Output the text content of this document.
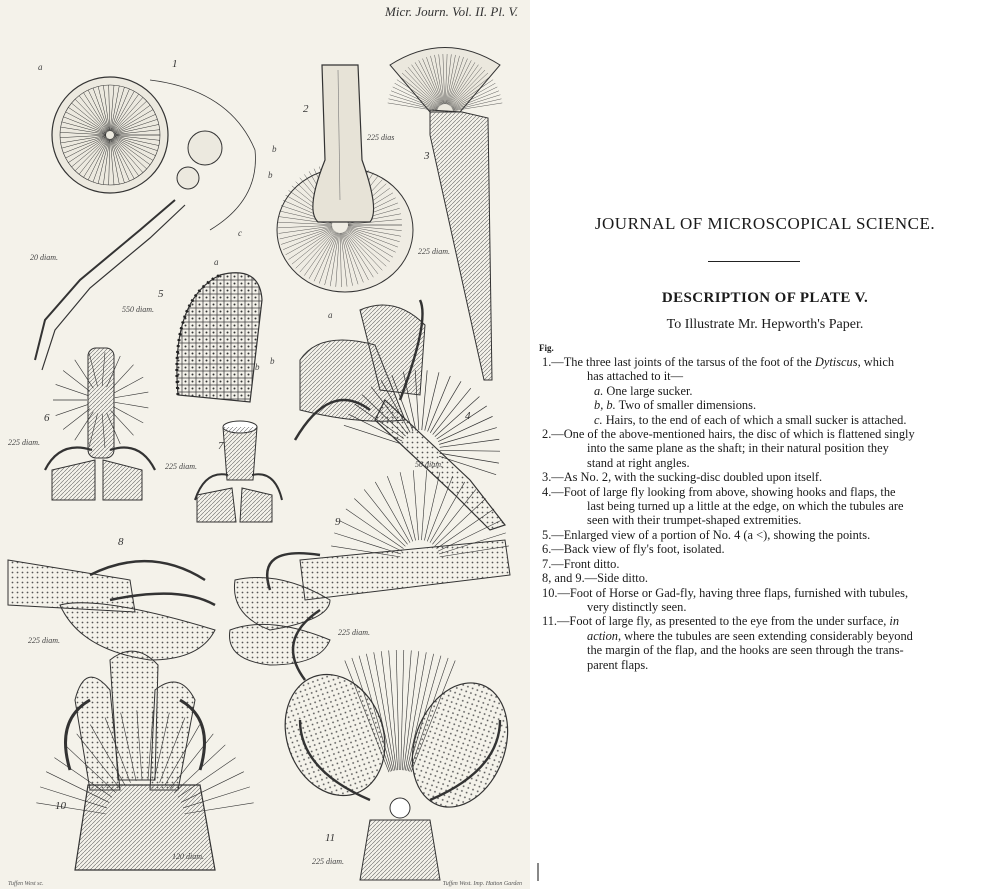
Micr. Journ. Vol. II. Pl. V.
1
2
3
4
5
6
7
8
9
10
11
a
b
b
c
a
b
a
b
20 diam.
225 dias
225 diam.
550 diam.
225 diam.
50 diam.
225 diam.
225 diam.
225 diam.
120 diam.
225 diam.
Tuffen West sc.	Tuffen West. Imp. Hatton Garden
JOURNAL OF MICROSCOPICAL SCIENCE.
DESCRIPTION OF PLATE V.
To Illustrate Mr. Hepworth's Paper.
Fig.
1.—The three last joints of the tarsus of the foot of the Dytiscus, which
has attached to it—
a. One large sucker.
b, b. Two of smaller dimensions.
c. Hairs, to the end of each of which a small sucker is attached.
2.—One of the above-mentioned hairs, the disc of which is flattened singly
into the same plane as the shaft; in their natural position they
stand at right angles.
3.—As No. 2, with the sucking-disc doubled upon itself.
4.—Foot of large fly looking from above, showing hooks and flaps, the
last being turned up a little at the edge, on which the tubules are
seen with their trumpet-shaped extremities.
5.—Enlarged view of a portion of No. 4 (a <), showing the points.
6.—Back view of fly's foot, isolated.
7.—Front ditto.
8, and 9.—Side ditto.
10.—Foot of Horse or Gad-fly, having three flaps, furnished with tubules,
very distinctly seen.
11.—Foot of large fly, as presented to the eye from the under surface, in
action, where the tubules are seen extending considerably beyond
the margin of the flap, and the hooks are seen through the trans-
parent flaps.
